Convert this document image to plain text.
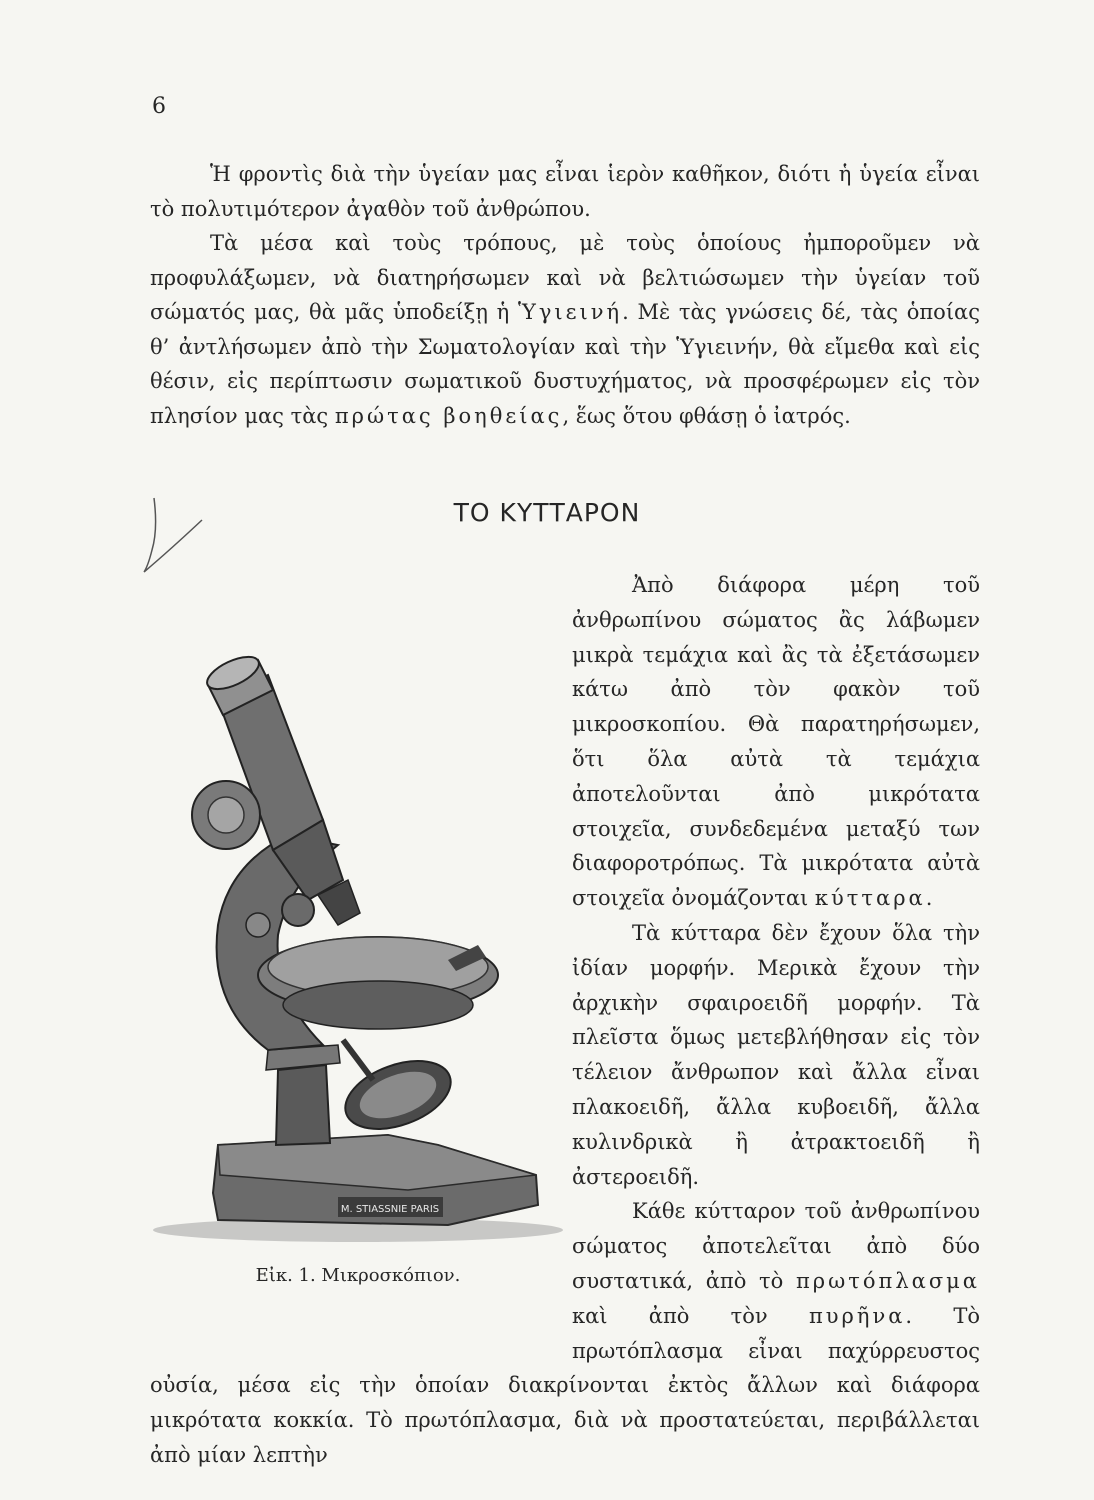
6

Ἡ φροντὶς διὰ τὴν ὑγείαν μας εἶναι ἱερὸν καθῆκον, διότι ἡ ὑγεία εἶναι τὸ πολυτιμότερον ἀγαθὸν τοῦ ἀνθρώπου.

Τὰ μέσα καὶ τοὺς τρόπους, μὲ τοὺς ὁποίους ἠμποροῦμεν νὰ προφυλάξωμεν, νὰ διατηρήσωμεν καὶ νὰ βελτιώσωμεν τὴν ὑγείαν τοῦ σώματός μας, θὰ μᾶς ὑποδείξῃ ἡ Ὑγιεινή. Μὲ τὰς γνώσεις δέ, τὰς ὁποίας θ’ ἀντλήσωμεν ἀπὸ τὴν Σωματολογίαν καὶ τὴν Ὑγιεινήν, θὰ εἴμεθα καὶ εἰς θέσιν, εἰς περίπτωσιν σωματικοῦ δυστυχήματος, νὰ προσφέρωμεν εἰς τὸν πλησίον μας τὰς πρώτας βοηθείας, ἕως ὅτου φθάσῃ ὁ ἰατρός.

ΤΟ ΚΥΤΤΑΡΟΝ

Ἀπὸ διάφορα μέρη τοῦ ἀνθρωπίνου σώματος ἂς λάβωμεν μικρὰ τεμάχια καὶ ἂς τὰ ἐξετάσωμεν κάτω ἀπὸ τὸν φακὸν τοῦ μικροσκοπίου. Θὰ παρατηρήσωμεν, ὅτι ὅλα αὐτὰ τὰ τεμάχια ἀποτελοῦνται ἀπὸ μικρότατα στοιχεῖα, συνδεδεμένα μεταξύ των διαφοροτρόπως. Τὰ μικρότατα αὐτὰ στοιχεῖα ὀνομάζονται κύτταρα.

Τὰ κύτταρα δὲν ἔχουν ὅλα τὴν ἰδίαν μορφήν. Μερικὰ ἔχουν τὴν ἀρχικὴν σφαιροειδῆ μορφήν. Τὰ πλεῖστα ὅμως μετεβλήθησαν εἰς τὸν τέλειον ἄνθρωπον καὶ ἄλλα εἶναι πλακοειδῆ, ἄλλα κυβοειδῆ, ἄλλα κυλινδρικὰ ἢ ἀτρακτοειδῆ ἢ ἀστεροειδῆ.

Κάθε κύτταρον τοῦ ἀνθρωπίνου σώματος ἀποτελεῖται ἀπὸ δύο συστατικά, ἀπὸ τὸ πρωτόπλασμα καὶ ἀπὸ τὸν πυρῆνα. Τὸ πρωτόπλασμα εἶναι παχύρρευστος οὐσία, μέσα εἰς τὴν ὁποίαν διακρίνονται ἐκτὸς ἄλλων καὶ διάφορα μικρότατα κοκκία. Τὸ πρωτόπλασμα, διὰ νὰ προστατεύεται, περιβάλλεται ἀπὸ μίαν λεπτὴν

M. STIASSNIE PARIS
Εἰκ. 1. Μικροσκόπιον.
